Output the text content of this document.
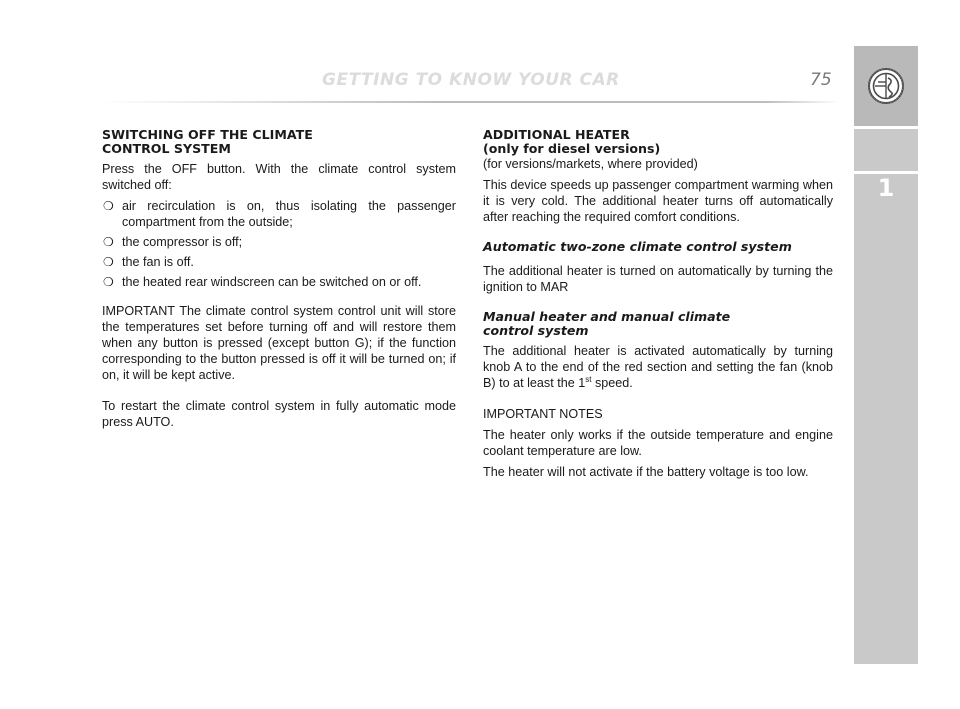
GETTING TO KNOW YOUR CAR	75
1
SWITCHING OFF THE CLIMATE
CONTROL SYSTEM

Press the OFF button. With the climate control system switched off:

❍ air recirculation is on, thus isolating the passenger compartment from the outside;
❍ the compressor is off;
❍ the fan is off.
❍ the heated rear windscreen can be switched on or off.

IMPORTANT The climate control system control unit will store the temperatures set before turning off and will restore them when any button is pressed (except button G); if the function corresponding to the button pressed is off it will be turned on; if on, it will be kept active.

To restart the climate control system in fully automatic mode press AUTO.

ADDITIONAL HEATER
(only for diesel versions)

(for versions/markets, where provided)

This device speeds up passenger compartment warming when it is very cold. The additional heater turns off automatically after reaching the required comfort conditions.

Automatic two-zone climate control system

The additional heater is turned on automatically by turning the ignition to MAR

Manual heater and manual climate
control system

The additional heater is activated automatically by turning knob A to the end of the red section and setting the fan (knob B) to at least the 1st speed.

IMPORTANT NOTES

The heater only works if the outside temperature and engine coolant temperature are low.

The heater will not activate if the battery voltage is too low.
